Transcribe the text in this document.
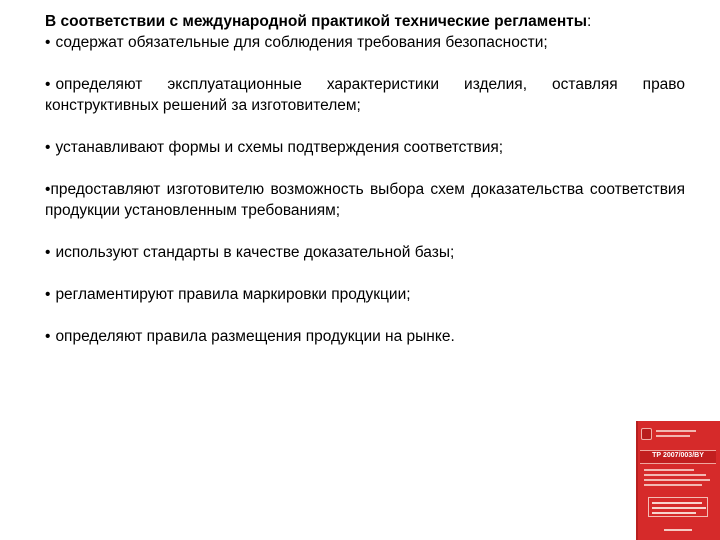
В соответствии с международной практикой технические регламенты:

• содержат обязательные для соблюдения требования безопасности;

• определяют эксплуатационные характеристики изделия, оставляя право конструктивных решений за изготовителем;

• устанавливают формы и схемы подтверждения соответствия;

•предоставляют изготовителю возможность выбора схем доказательства соответствия продукции установленным требованиям;

• используют стандарты в качестве доказательной базы;

• регламентируют правила маркировки продукции;

• определяют правила размещения продукции на рынке.

ТР 2007/003/BY
